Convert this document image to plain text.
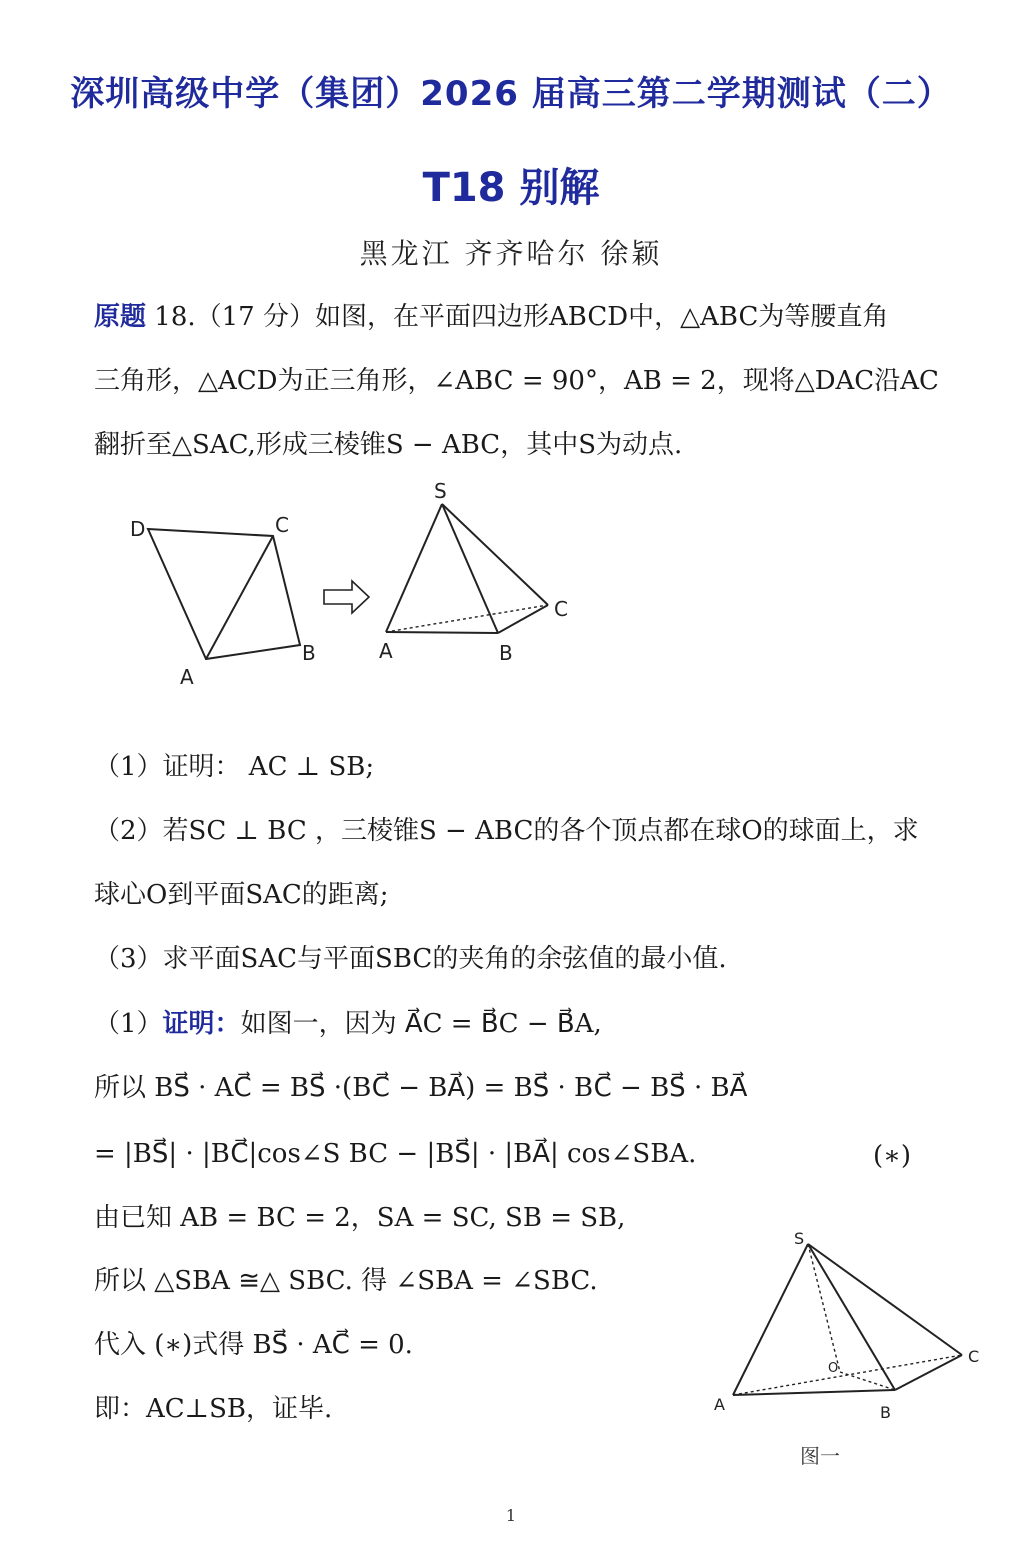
深圳高级中学（集团）2026 届高三第二学期测试（二）
T18 别解
黑龙江 齐齐哈尔 徐颖
原题 18.（17 分）如图，在平面四边形ABCD中，△ABC为等腰直角
三角形，△ACD为正三角形，∠ABC = 90°，AB = 2，现将△DAC沿AC
翻折至△SAC,形成三棱锥S − ABC，其中S为动点.
D	C
B
A
S
A	B
C
（1）证明： AC ⊥ SB;
（2）若SC ⊥ BC ，三棱锥S − ABC的各个顶点都在球O的球面上，求
球心O到平面SAC的距离;
（3）求平面SAC与平面SBC的夹角的余弦值的最小值.
（1）证明：如图一，因为 A⃗C = B⃗C − B⃗A,
所以 BS⃗ · AC⃗ = BS⃗ ·(BC⃗ − BA⃗) = BS⃗ · BC⃗ − BS⃗ · BA⃗
= |BS⃗| · |BC⃗|cos∠S BC − |BS⃗| · |BA⃗| cos∠SBA.	(∗)
由已知 AB = BC = 2，SA = SC, SB = SB,
所以 △SBA ≅△ SBC. 得 ∠SBA = ∠SBC.
代入 (∗)式得 BS⃗ · AC⃗ = 0.
即：AC⊥SB，证毕.
S
A	B
C
O
图一
1
